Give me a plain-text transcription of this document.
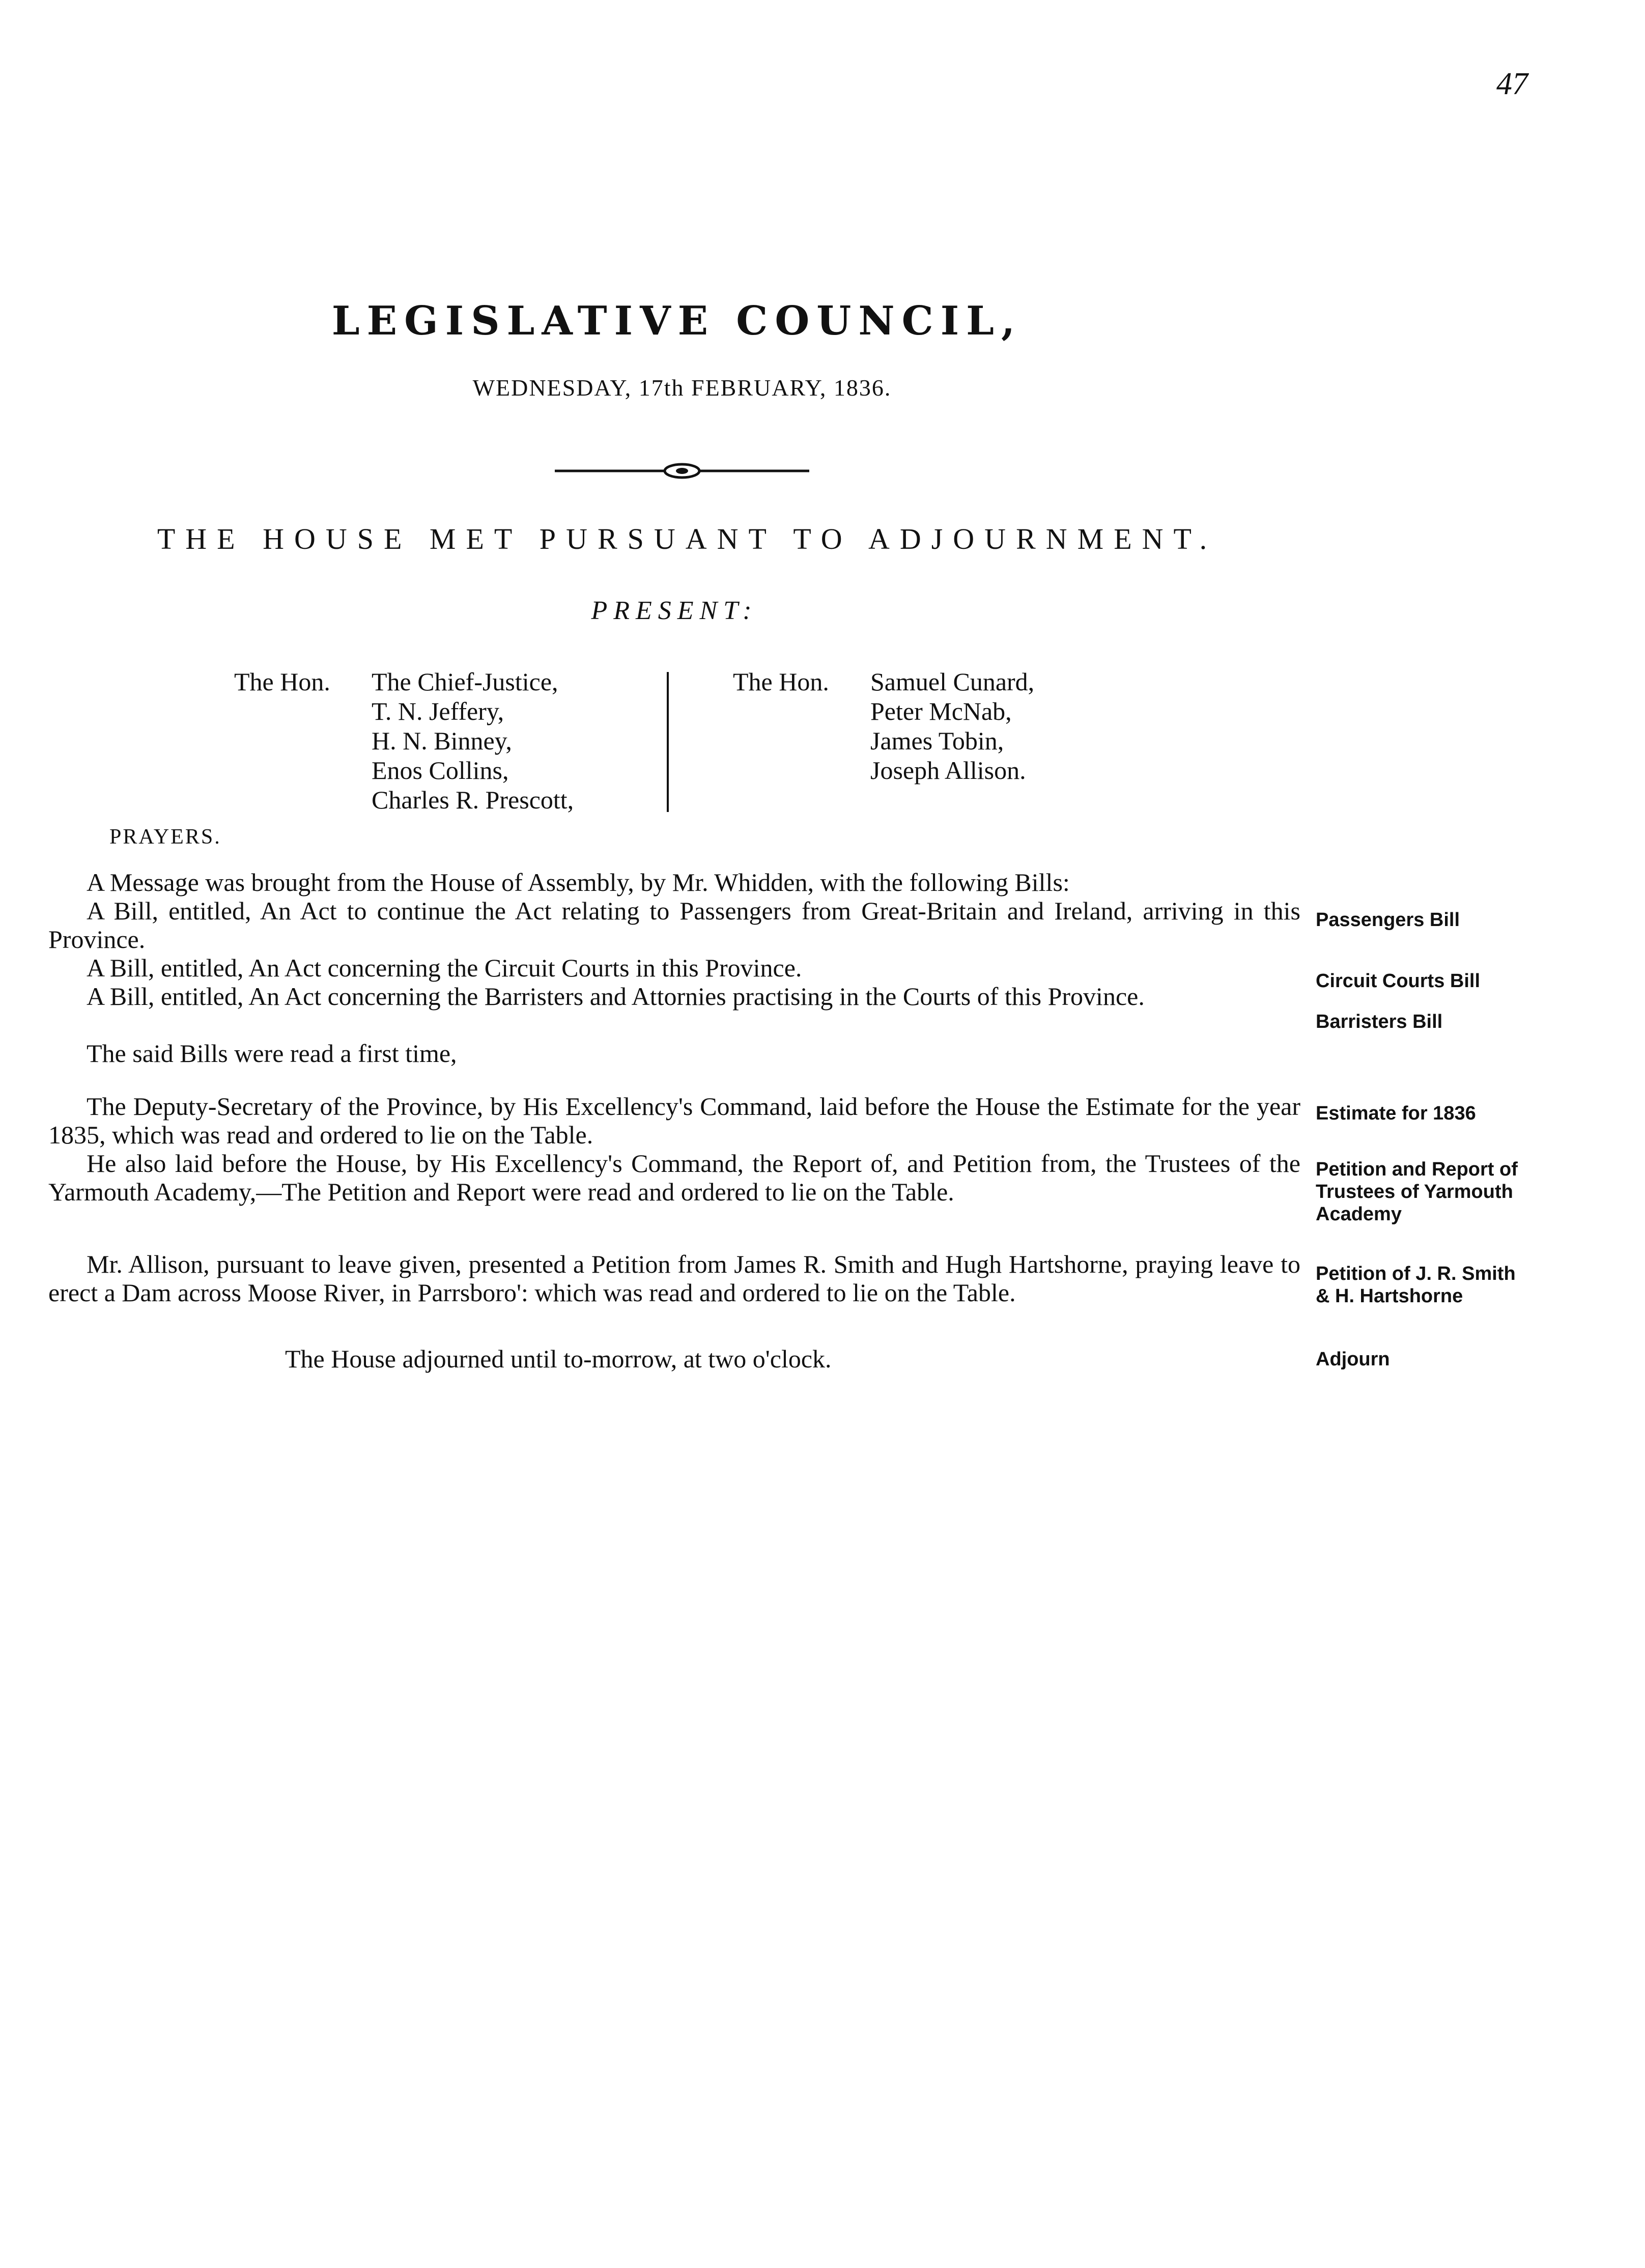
47
LEGISLATIVE COUNCIL,
WEDNESDAY, 17th FEBRUARY, 1836.
THE HOUSE MET PURSUANT TO ADJOURNMENT.
PRESENT:
The Hon. The Chief-Justice,
T. N. Jeffery,
H. N. Binney,
Enos Collins,
Charles R. Prescott,
The Hon. Samuel Cunard,
Peter McNab,
James Tobin,
Joseph Allison.
PRAYERS.
A Message was brought from the House of Assembly, by Mr. Whidden, with the following Bills:
A Bill, entitled, An Act to continue the Act relating to Passengers from Great-Britain and Ireland, arriving in this Province.
A Bill, entitled, An Act concerning the Circuit Courts in this Province.
A Bill, entitled, An Act concerning the Barristers and Attornies practising in the Courts of this Province.
The said Bills were read a first time,
The Deputy-Secretary of the Province, by His Excellency's Command, laid before the House the Estimate for the year 1835, which was read and ordered to lie on the Table.
He also laid before the House, by His Excellency's Command, the Report of, and Petition from, the Trustees of the Yarmouth Academy,—The Petition and Report were read and ordered to lie on the Table.
Mr. Allison, pursuant to leave given, presented a Petition from James R. Smith and Hugh Hartshorne, praying leave to erect a Dam across Moose River, in Parrsboro': which was read and ordered to lie on the Table.
The House adjourned until to-morrow, at two o'clock.
Passengers Bill
Circuit Courts Bill
Barristers Bill
Estimate for 1836
Petition and Report of Trustees of Yarmouth Academy
Petition of J. R. Smith & H. Hartshorne
Adjourn
